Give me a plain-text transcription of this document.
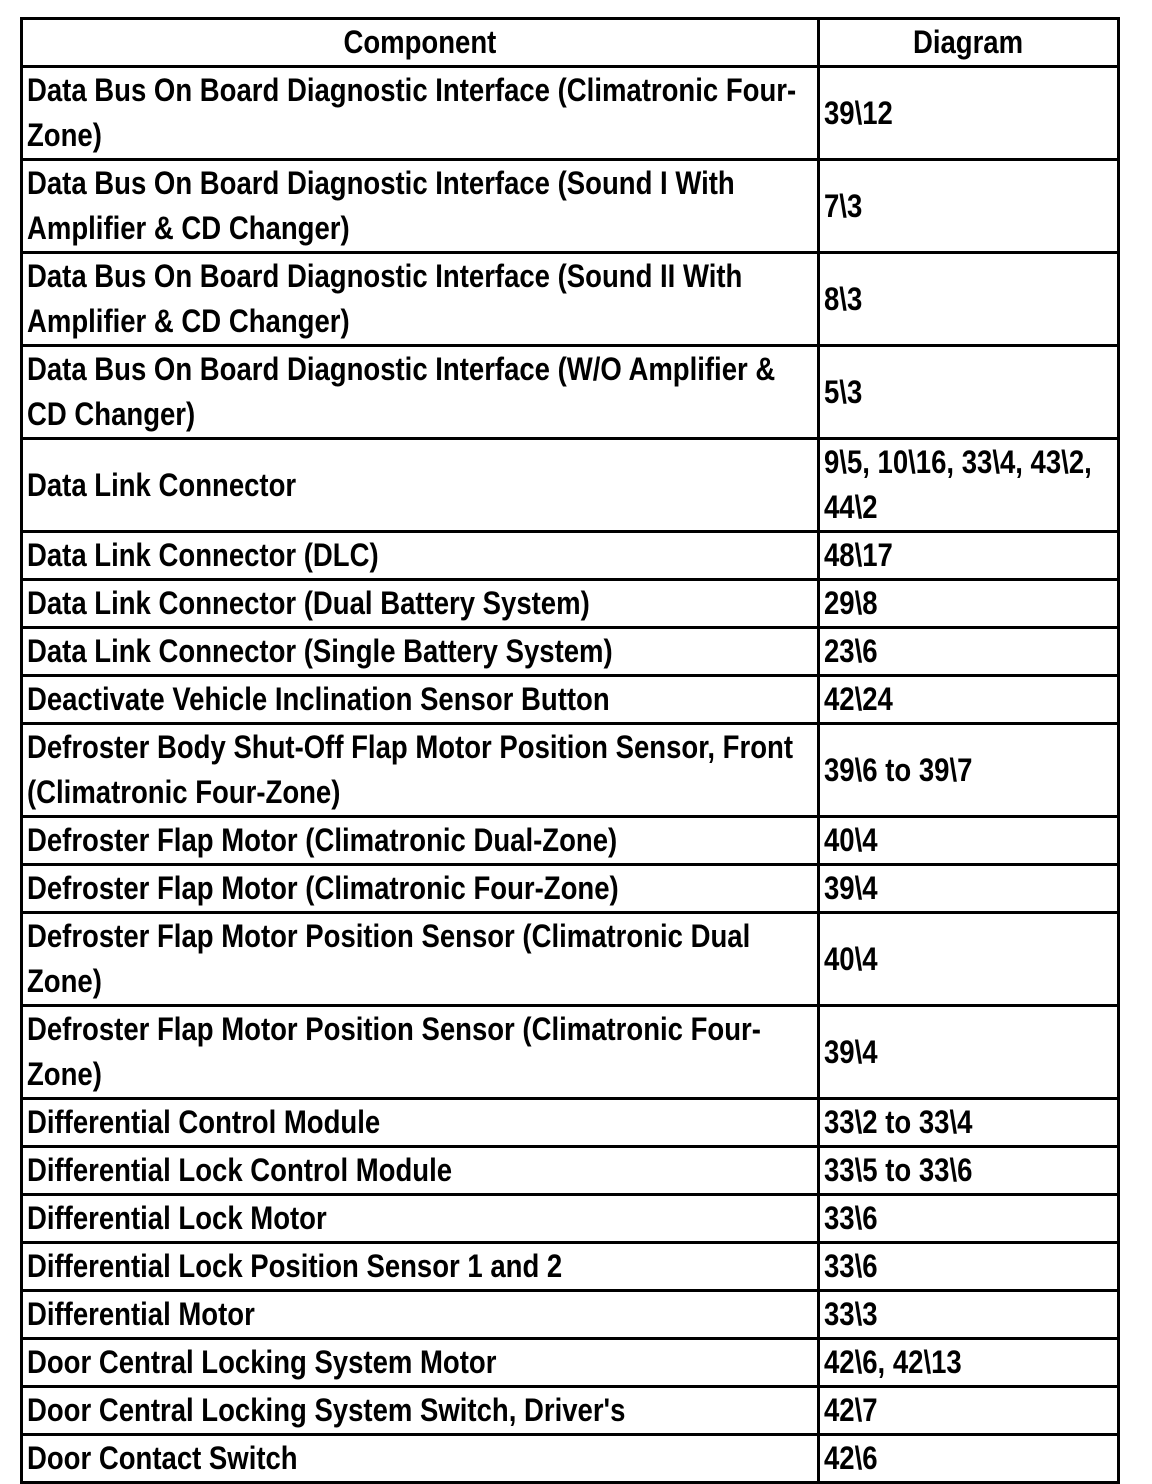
Component	Diagram
Data Bus On Board Diagnostic Interface (Climatronic Four-Zone)	39\12
Data Bus On Board Diagnostic Interface (Sound I With Amplifier & CD Changer)	7\3
Data Bus On Board Diagnostic Interface (Sound II With Amplifier & CD Changer)	8\3
Data Bus On Board Diagnostic Interface (W/O Amplifier & CD Changer)	5\3
Data Link Connector	9\5, 10\16, 33\4, 43\2, 44\2
Data Link Connector (DLC)	48\17
Data Link Connector (Dual Battery System)	29\8
Data Link Connector (Single Battery System)	23\6
Deactivate Vehicle Inclination Sensor Button	42\24
Defroster Body Shut-Off Flap Motor Position Sensor, Front (Climatronic Four-Zone)	39\6 to 39\7
Defroster Flap Motor (Climatronic Dual-Zone)	40\4
Defroster Flap Motor (Climatronic Four-Zone)	39\4
Defroster Flap Motor Position Sensor (Climatronic Dual Zone)	40\4
Defroster Flap Motor Position Sensor (Climatronic Four-Zone)	39\4
Differential Control Module	33\2 to 33\4
Differential Lock Control Module	33\5 to 33\6
Differential Lock Motor	33\6
Differential Lock Position Sensor 1 and 2	33\6
Differential Motor	33\3
Door Central Locking System Motor	42\6, 42\13
Door Central Locking System Switch, Driver's	42\7
Door Contact Switch	42\6
